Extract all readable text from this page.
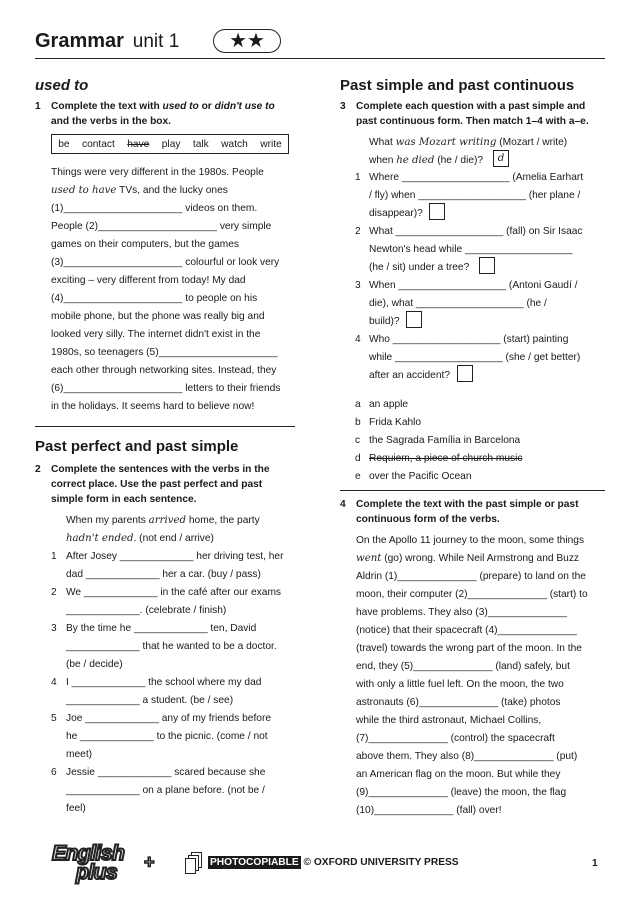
Grammar unit 1	★★
used to
1 Complete the text with used to or didn't use to
and the verbs in the box.
be contact have play talk watch write
Things were very different in the 1980s. People
used to have TVs, and the lucky ones
(1)_____________________ videos on them.
People (2)_____________________ very simple
games on their computers, but the games
(3)_____________________ colourful or look very
exciting – very different from today! My dad
(4)_____________________ to people on his
mobile phone, but the phone was really big and
looked very silly. The internet didn't exist in the
1980s, so teenagers (5)_____________________
each other through networking sites. Instead, they
(6)_____________________ letters to their friends
in the holidays. It seems hard to believe now!
Past perfect and past simple
2 Complete the sentences with the verbs in the
correct place. Use the past perfect and past
simple form in each sentence.
When my parents arrived home, the party
hadn't ended. (not end / arrive)
1 After Josey _____________ her driving test, her
dad _____________ her a car. (buy / pass)
2 We _____________ in the café after our exams
_____________. (celebrate / finish)
3 By the time he _____________ ten, David
_____________ that he wanted to be a doctor.
(be / decide)
4 I _____________ the school where my dad
_____________ a student. (be / see)
5 Joe _____________ any of my friends before
he _____________ to the picnic. (come / not
meet)
6 Jessie _____________ scared because she
_____________ on a plane before. (not be /
feel)
Past simple and past continuous
3 Complete each question with a past simple and
past continuous form. Then match 1–4 with a–e.
What was Mozart writing (Mozart / write)
when he died (he / die)?	d
1 Where ___________________ (Amelia Earhart
/ fly) when ___________________ (her plane /
disappear)?
2 What ___________________ (fall) on Sir Isaac
Newton's head while ___________________
(he / sit) under a tree?
3 When ___________________ (Antoni Gaudí /
die), what ___________________ (he /
build)?
4 Who ___________________ (start) painting
while ___________________ (she / get better)
after an accident?
a an apple
b Frida Kahlo
c the Sagrada Família in Barcelona
d Requiem, a piece of church music
e over the Pacific Ocean
4 Complete the text with the past simple or past
continuous form of the verbs.
On the Apollo 11 journey to the moon, some things
went (go) wrong. While Neil Armstrong and Buzz
Aldrin (1)______________ (prepare) to land on the
moon, their computer (2)______________ (start) to
have problems. They also (3)______________
(notice) that their spacecraft (4)______________
(travel) towards the wrong part of the moon. In the
end, they (5)______________ (land) safely, but
with only a little fuel left. On the moon, the two
astronauts (6)______________ (take) photos
while the third astronaut, Michael Collins,
(7)______________ (control) the spacecraft
above them. They also (8)______________ (put)
an American flag on the moon. But while they
(9)______________ (leave) the moon, the flag
(10)______________ (fall) over!
English
plus +	PHOTOCOPIABLE © OXFORD UNIVERSITY PRESS	1
